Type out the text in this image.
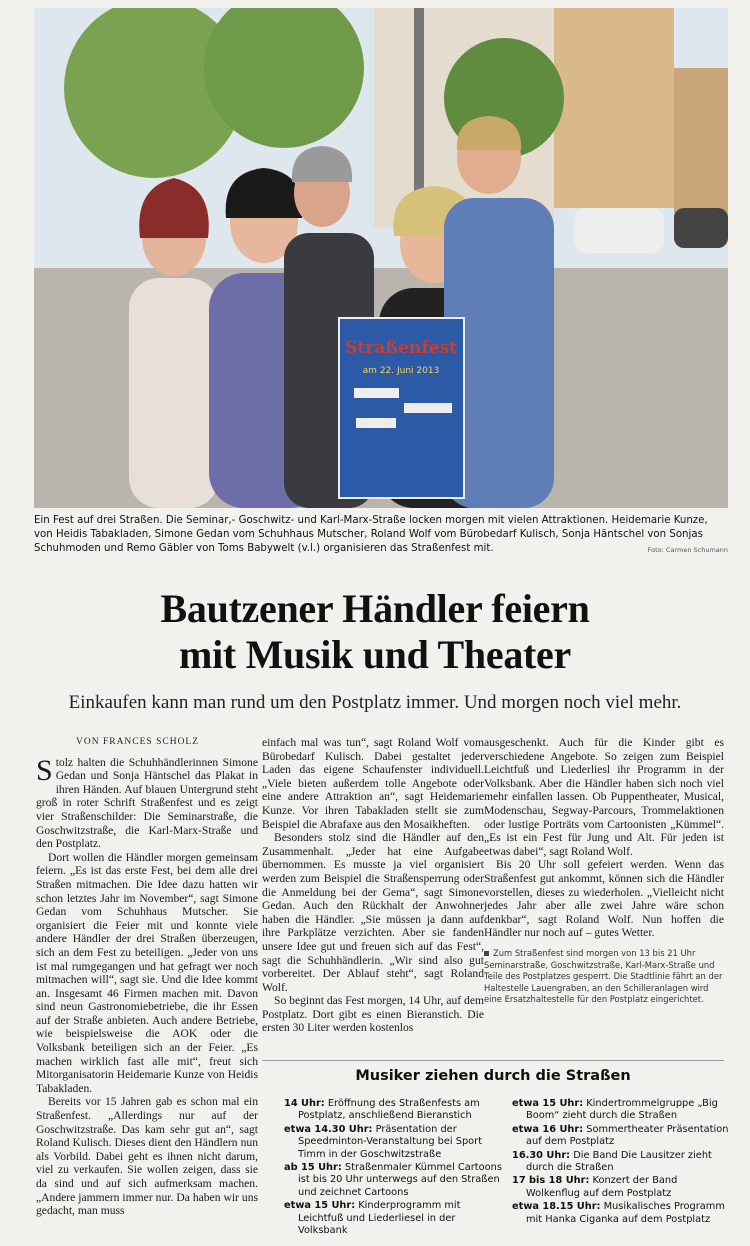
Straßenfest
am 22. Juni 2013
Ein Fest auf drei Straßen. Die Seminar,- Goschwitz- und Karl-Marx-Straße locken morgen mit vielen Attraktionen. Heidemarie Kunze, von Heidis Tabakladen, Simone Gedan vom Schuhhaus Mutscher, Roland Wolf vom Bürobedarf Kulisch, Sonja Häntschel von Sonjas Schuhmoden und Remo Gäbler von Toms Babywelt (v.l.) organisieren das Straßenfest mit.	Foto: Carmen Schumann
Bautzener Händler feiern
mit Musik und Theater
Einkaufen kann man rund um den Postplatz immer. Und morgen noch viel mehr.
VON FRANCES SCHOLZ

Stolz halten die Schuhhändlerinnen Simone Gedan und Sonja Häntschel das Plakat in ihren Händen. Auf blauen Untergrund steht groß in roter Schrift Straßenfest und es zeigt vier Straßenschilder: Die Seminarstraße, die Goschwitzstraße, die Karl-Marx-Straße und den Postplatz.

Dort wollen die Händler morgen gemeinsam feiern. „Es ist das erste Fest, bei dem alle drei Straßen mitmachen. Die Idee dazu hatten wir schon letztes Jahr im November“, sagt Simone Gedan vom Schuhhaus Mutscher. Sie organisiert die Feier mit und konnte viele andere Händler der drei Straßen überzeugen, sich an dem Fest zu beteiligen. „Jeder von uns ist mal rumgegangen und hat gefragt wer noch mitmachen will“, sagt sie. Und die Idee kommt an. Insgesamt 46 Firmen machen mit. Davon sind neun Gastronomiebetriebe, die ihr Essen auf der Straße anbieten. Auch andere Betriebe, wie beispielsweise die AOK oder die Volksbank beteiligen sich an der Feier. „Es machen wirklich fast alle mit“, freut sich Mitorganisatorin Heidemarie Kunze von Heidis Tabakladen.

Bereits vor 15 Jahren gab es schon mal ein Straßenfest. „Allerdings nur auf der Goschwitzstraße. Das kam sehr gut an“, sagt Roland Kulisch. Dieses dient den Händlern nun als Vorbild. Dabei geht es ihnen nicht darum, viel zu verkaufen. Sie wollen zeigen, dass sie da sind und auf sich aufmerksam machen. „Andere jammern immer nur. Da haben wir uns gedacht, man muss

einfach mal was tun“, sagt Roland Wolf vom Bürobedarf Kulisch. Dabei gestaltet jeder Laden das eigene Schaufenster individuell. „Viele bieten außerdem tolle Angebote oder eine andere Attraktion an“, sagt Heidemarie Kunze. Vor ihren Tabakladen stellt sie zum Beispiel die Abrafaxe aus den Mosaikheften.

Besonders stolz sind die Händler auf den Zusammenhalt. „Jeder hat eine Aufgabe übernommen. Es musste ja viel organisiert werden zum Beispiel die Straßensperrung oder die Anmeldung bei der Gema“, sagt Simone Gedan. Auch den Rückhalt der Anwohner haben die Händler. „Sie müssen ja dann auf ihre Parkplätze verzichten. Aber sie fanden unsere Idee gut und freuen sich auf das Fest“, sagt die Schuhhändlerin. „Wir sind also gut vorbereitet. Der Ablauf steht“, sagt Roland Wolf.

So beginnt das Fest morgen, 14 Uhr, auf dem Postplatz. Dort gibt es einen Bieranstich. Die ersten 30 Liter werden kostenlos

ausgeschenkt. Auch für die Kinder gibt es verschiedene Angebote. So zeigen zum Beispiel Leichtfuß und Liederliesl ihr Programm in der Volksbank. Aber die Händler haben sich noch viel mehr einfallen lassen. Ob Puppentheater, Musical, Modenschau, Segway-Parcours, Trommelaktionen oder lustige Porträts vom Cartoonisten „Kümmel“. „Es ist ein Fest für Jung und Alt. Für jeden ist etwas dabei“, sagt Roland Wolf.

Bis 20 Uhr soll gefeiert werden. Wenn das Straßenfest gut ankommt, können sich die Händler vorstellen, dieses zu wiederholen. „Vielleicht nicht jedes Jahr aber alle zwei Jahre wäre schon denkbar“, sagt Roland Wolf. Nun hoffen die Händler nur noch auf – gutes Wetter.

Zum Straßenfest sind morgen von 13 bis 21 Uhr Seminarstraße, Goschwitzstraße, Karl-Marx-Straße und Teile des Postplatzes gesperrt. Die Stadtlinie fährt an der Haltestelle Lauengraben, an den Schilleranlagen wird eine Ersatzhaltestelle für den Postplatz eingerichtet.
Musiker ziehen durch die Straßen
14 Uhr: Eröffnung des Straßenfests am Postplatz, anschließend Bieranstich
etwa 14.30 Uhr: Präsentation der Speedminton-Veranstaltung bei Sport Timm in der Goschwitzstraße
ab 15 Uhr: Straßenmaler Kümmel Cartoons ist bis 20 Uhr unterwegs auf den Straßen und zeichnet Cartoons
etwa 15 Uhr: Kinderprogramm mit Leichtfuß und Liederliesel in der Volksbank
etwa 15 Uhr: Kindertrommelgruppe „Big Boom“ zieht durch die Straßen
etwa 16 Uhr: Sommertheater Präsentation auf dem Postplatz
16.30 Uhr: Die Band Die Lausitzer zieht durch die Straßen
17 bis 18 Uhr: Konzert der Band Wolkenflug auf dem Postplatz
etwa 18.15 Uhr: Musikalisches Programm mit Hanka Ciganka auf dem Postplatz
